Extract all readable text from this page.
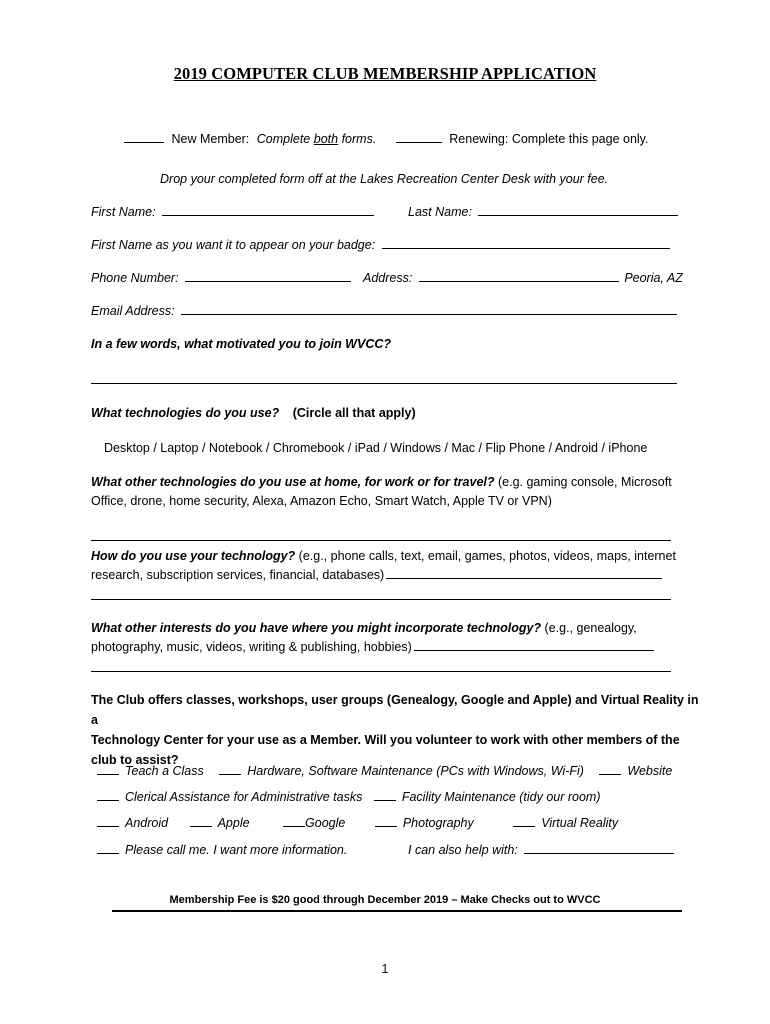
2019 COMPUTER CLUB MEMBERSHIP APPLICATION
New Member: Complete both forms.	Renewing: Complete this page only.
Drop your completed form off at the Lakes Recreation Center Desk with your fee.
First Name:	Last Name:
First Name as you want it to appear on your badge:
Phone Number:	Address:	Peoria, AZ
Email Address:
In a few words, what motivated you to join WVCC?
What technologies do you use? (Circle all that apply)
Desktop / Laptop / Notebook / Chromebook / iPad / Windows / Mac / Flip Phone / Android / iPhone
What other technologies do you use at home, for work or for travel? (e.g. gaming console, Microsoft
Office, drone, home security, Alexa, Amazon Echo, Smart Watch, Apple TV or VPN)
How do you use your technology? (e.g., phone calls, text, email, games, photos, videos, maps, internet
research, subscription services, financial, databases)
What other interests do you have where you might incorporate technology? (e.g., genealogy,
photography, music, videos, writing & publishing, hobbies)
The Club offers classes, workshops, user groups (Genealogy, Google and Apple) and Virtual Reality in a
Technology Center for your use as a Member. Will you volunteer to work with other members of the
club to assist?
Teach a Class	Hardware, Software Maintenance (PCs with Windows, Wi-Fi)	Website
Clerical Assistance for Administrative tasks	Facility Maintenance (tidy our room)
Android	Apple	Google	Photography	Virtual Reality
Please call me. I want more information.	I can also help with:
Membership Fee is $20 good through December 2019 – Make Checks out to WVCC
1
